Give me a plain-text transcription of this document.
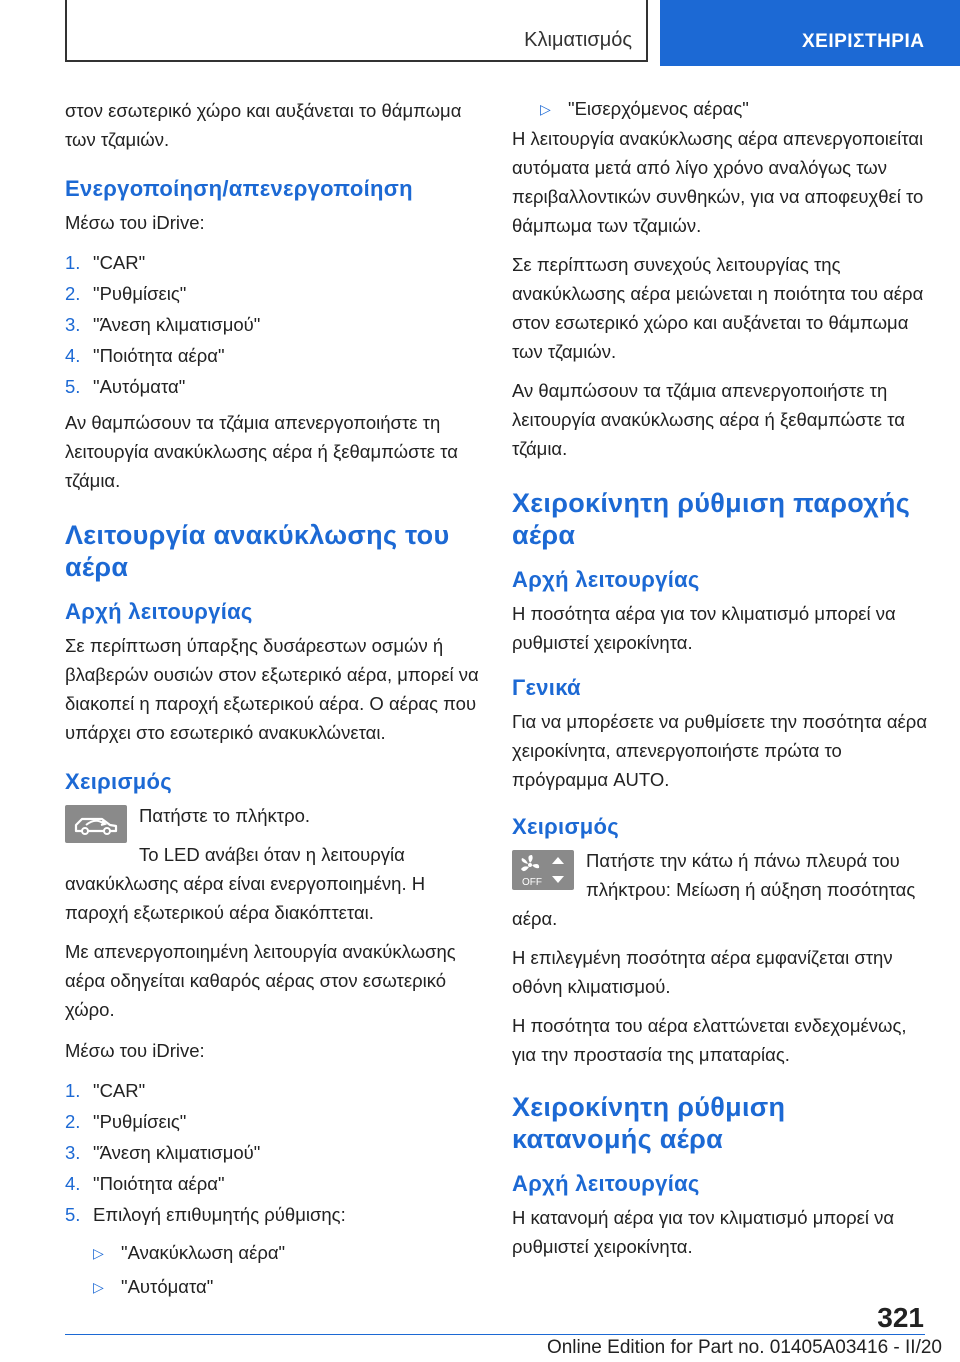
Κλιματισμός	ΧΕΙΡΙΣΤΗΡΙΑ

στον εσωτερικό χώρο και αυξάνεται το θάμπωμα των τζαμιών.

Ενεργοποίηση/απενεργοποίηση

Μέσω του iDrive:

1. "CAR"
2. "Ρυθμίσεις"
3. "Άνεση κλιματισμού"
4. "Ποιότητα αέρα"
5. "Αυτόματα"

Αν θαμπώσουν τα τζάμια απενεργοποιήστε τη λειτουργία ανακύκλωσης αέρα ή ξεθαμπώστε τα τζάμια.

Λειτουργία ανακύκλωσης του αέρα
Αρχή λειτουργίας

Σε περίπτωση ύπαρξης δυσάρεστων οσμών ή βλαβερών ουσιών στον εξωτερικό αέρα, μπορεί να διακοπεί η παροχή εξωτερικού αέρα. Ο αέρας που υπάρχει στο εσωτερικό ανακυκλώνεται.

Χειρισμός

Πατήστε το πλήκτρο.

Το LED ανάβει όταν η λειτουργία ανακύκλωσης αέρα είναι ενεργοποιημένη. Η παροχή εξωτερικού αέρα διακόπτεται.

Με απενεργοποιημένη λειτουργία ανακύκλωσης αέρα οδηγείται καθαρός αέρας στον εσωτερικό χώρο.

Μέσω του iDrive:

1. "CAR"
2. "Ρυθμίσεις"
3. "Άνεση κλιματισμού"
4. "Ποιότητα αέρα"
5. Επιλογή επιθυμητής ρύθμισης:
▷ "Ανακύκλωση αέρα"
▷ "Αυτόματα"
▷ "Εισερχόμενος αέρας"

Η λειτουργία ανακύκλωσης αέρα απενεργοποιείται αυτόματα μετά από λίγο χρόνο αναλόγως των περιβαλλοντικών συνθηκών, για να αποφευχθεί το θάμπωμα των τζαμιών.

Σε περίπτωση συνεχούς λειτουργίας της ανακύκλωσης αέρα μειώνεται η ποιότητα του αέρα στον εσωτερικό χώρο και αυξάνεται το θάμπωμα των τζαμιών.

Αν θαμπώσουν τα τζάμια απενεργοποιήστε τη λειτουργία ανακύκλωσης αέρα ή ξεθαμπώστε τα τζάμια.

Χειροκίνητη ρύθμιση παροχής αέρα
Αρχή λειτουργίας

Η ποσότητα αέρα για τον κλιματισμό μπορεί να ρυθμιστεί χειροκίνητα.

Γενικά

Για να μπορέσετε να ρυθμίσετε την ποσότητα αέρα χειροκίνητα, απενεργοποιήστε πρώτα το πρόγραμμα AUTO.

Χειρισμός
OFF

Πατήστε την κάτω ή πάνω πλευρά του πλήκτρου: Μείωση ή αύξηση ποσότητας αέρα.

Η επιλεγμένη ποσότητα αέρα εμφανίζεται στην οθόνη κλιματισμού.

Η ποσότητα του αέρα ελαττώνεται ενδεχομένως, για την προστασία της μπαταρίας.

Χειροκίνητη ρύθμιση κατανομής αέρα
Αρχή λειτουργίας

Η κατανομή αέρα για τον κλιματισμό μπορεί να ρυθμιστεί χειροκίνητα.

321
Online Edition for Part no. 01405A03416 - II/20
